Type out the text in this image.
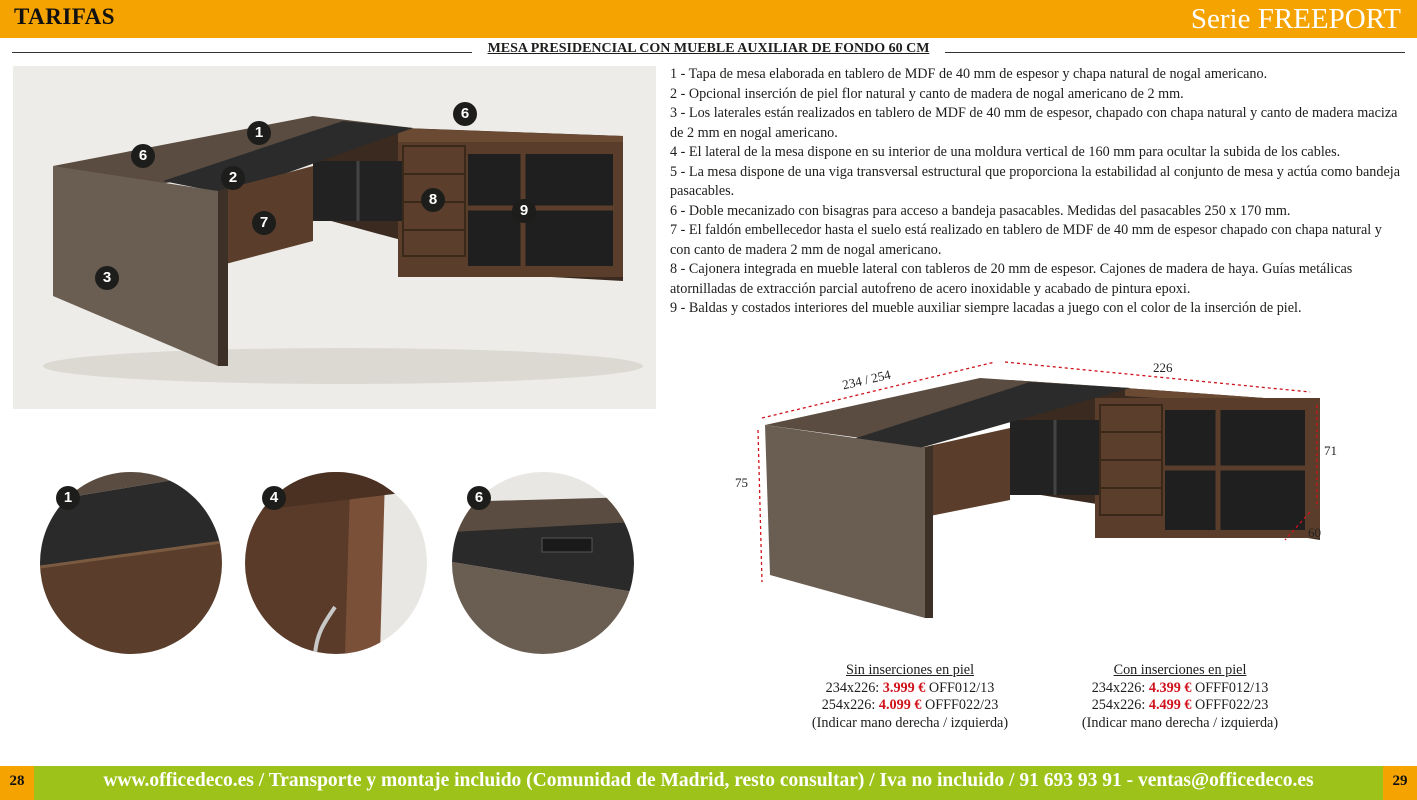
TARIFAS	Serie FREEPORT
MESA PRESIDENCIAL CON MUEBLE AUXILIAR DE FONDO 60 CM
1
2
3
6
6
7
8
9

1 - Tapa de mesa elaborada en tablero de MDF de 40 mm de espesor y chapa natural de nogal americano.

2 - Opcional inserción de piel flor natural y canto de madera de nogal americano de 2 mm.

3 - Los laterales están realizados en tablero de MDF de 40 mm de espesor, chapado con chapa natural y canto de madera maciza de 2 mm en nogal americano.

4 - El lateral de la mesa dispone en su interior de una moldura vertical de 160 mm para ocultar la subida de los cables.

5 - La mesa dispone de una viga transversal estructural que proporciona la estabilidad al conjunto de mesa y actúa como bandeja pasacables.

6 - Doble mecanizado con bisagras para acceso a bandeja pasacables. Medidas del pasacables 250 x 170 mm.

7 - El faldón embellecedor hasta el suelo está realizado en tablero de MDF de 40 mm de espesor chapado con chapa natural y con canto de madera 2 mm de nogal americano.

8 - Cajonera integrada en mueble lateral con tableros de 20 mm de espesor. Cajones de madera de haya. Guías metálicas atornilladas de extracción parcial autofreno de acero inoxidable y acabado de pintura epoxi.

9 - Baldas y costados interiores del mueble auxiliar siempre lacadas a juego con el color de la inserción de piel.

234 / 254	226
75
71
60
1	4	6
Sin inserciones en piel
234x226: 3.999 € OFF012/13
254x226: 4.099 € OFFF022/23
(Indicar mano derecha / izquierda)
Con inserciones en piel
234x226: 4.399 € OFFF012/13
254x226: 4.499 € OFFF022/23
(Indicar mano derecha / izquierda)
www.officedeco.es / Transporte y montaje incluido (Comunidad de Madrid, resto consultar) / Iva no incluido / 91 693 93 91 - ventas@officedeco.es
28	29
